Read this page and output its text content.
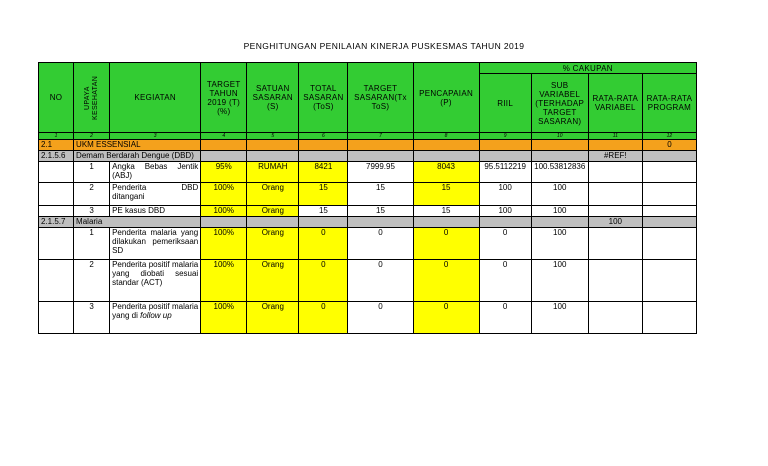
PENGHITUNGAN PENILAIAN KINERJA PUSKESMAS TAHUN 2019
NO	UPAYA KESEHATAN	KEGIATAN	TARGET TAHUN 2019 (T) (%)	SATUAN SASARAN (S)	TOTAL SASARAN (ToS)	TARGET SASARAN(Tx ToS)	PENCAPAIAN (P)	% CAKUPAN			
								RIIL	SUB VARIABEL (TERHADAP TARGET SASARAN)	RATA-RATA VARIABEL	RATA-RATA PROGRAM
1	2	3	4	5	6	7	8	9	10	11	12
2.1	UKM ESSENSIAL										0
2.1.5.6	Demam Berdarah Dengue (DBD)									#REF!	
	1	Angka Bebas Jentik (ABJ)	95%	RUMAH	8421	7999.95	8043	95.5112219	100.53812836		
	2	Penderita DBD ditangani	100%	Orang	15	15	15	100	100		
	3	PE kasus DBD	100%	Orang	15	15	15	100	100		
2.1.5.7	Malaria									100	
	1	Penderita malaria yang dilakukan pemeriksaan SD	100%	Orang	0	0	0	0	100		
	2	Penderita positif malaria yang diobati sesuai standar (ACT)	100%	Orang	0	0	0	0	100		
	3	Penderita positif malaria yang di follow up	100%	Orang	0	0	0	0	100		
